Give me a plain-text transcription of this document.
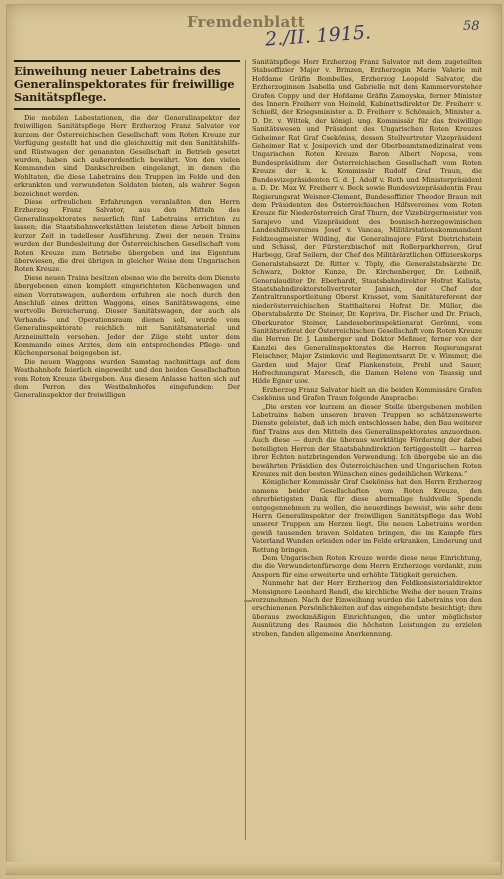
Fremdenblatt
2./II. 1915.	58
Einweihung neuer Labetrains des Generalinspektorates für freiwillige Sanitätspflege.

Die mobilen Labestationen, die der Generalinspektor der freiwilligen Sanitätspflege Herr Erzherzog Franz Salvator vor kurzem der Österreichischen Gesellschaft vom Roten Kreuze zur Verfügung gestellt hat und die gleichzeitig mit den Sanitätshilfs- und Rüstwagen der genannten Gesellschaft in Betrieb gesetzt wurden, haben sich außerordentlich bewährt. Von den vielen Kommanden sind Dankschreiben eingelangt, in denen die Wohltaten, die diese Labetrains den Truppen im Felde und den erkrankten und verwundeten Soldaten bieten, als wahrer Segen bezeichnet werden.

Diese erfreulichen Erfahrungen veranlaßten den Herrn Erzherzog Franz Salvator, aus den Mitteln des Generalinspektorates neuerlich fünf Labetrains errichten zu lassen; die Staatsbahnwerkstätten leisteten diese Arbeit binnen kurzer Zeit in tadelloser Ausführung. Zwei der neuen Trains wurden der Bundesleitung der Österreichischen Gesellschaft vom Roten Kreuze zum Betriebe übergeben und ins Eigentum überwiesen, die drei übrigen in gleicher Weise dem Ungarischen Roten Kreuze.

Diese neuen Trains besitzen ebenso wie die bereits dem Dienste übergebenen einen komplett eingerichteten Küchenwagen und einen Vorratswagen, außerdem erfuhren sie noch durch den Anschluß eines dritten Waggons, eines Sanitätswagens, eine wertvolle Bereicherung. Dieser Sanitätswagen, der auch als Verbands- und Operationsraum dienen soll, wurde vom Generalinspektorate reichlich mit Sanitätsmaterial und Arzneimitteln versehen. Jeder der Züge steht unter dem Kommando eines Arztes, dem ein entsprechendes Pflege- und Küchenpersonal beigegeben ist.

Die neuen Waggons wurden Samstag nachmittags auf dem Westbahnhofe feierlich eingeweiht und den beiden Gesellschaften vom Roten Kreuze übergeben. Aus diesem Anlasse hatten sich auf dem Perron des Westbahnhofes eingefunden: Der Generalinspektor der freiwilligen

Sanitätspflege Herr Erzherzog Franz Salvator mit dem zugeteilten Stabsoffizier Major v. Brinzen, Erzherzogin Marie Valerie mit Hofdame Gräfin Bombelles, Erzherzog Leopold Salvator, die Erzherzoginnen Isabella und Gabrielle mit dem Kammervorsteher Grafen Coppy und der Hofdame Gräfin Zamoyska, ferner Minister des Innern Freiherr von Heinold, Kabinettsdirektor Dr. Freiherr v. Schießl, der Kriegsminister a. D. Freiherr v. Schönaich, Minister a. D. Dr. v. Wittek, der königl. ung. Kommissär für das freiwillige Sanitätswesen und Präsident des Ungarischen Roten Kreuzes Geheimer Rat Graf Cseköniss, dessen Stellvertreter Vizepräsident Geheimer Rat v. Josipovich und der Oberbeamtsmedizinalrat vom Ungarischen Roten Kreuze Baron Albert Nopcsa, vom Bundespräsidium der Österreichischen Gesellschaft vom Roten Kreuze der k. k. Kommissär Rudolf Graf Traun, die Bundesvizepräsidenten G. d. J. Adolf v. Roth und Ministerpräsident a. D. Dr. Max W. Freiherr v. Beck sowie Bundesvizepräsidentin Frau Regierungsrat Weisner-Clement, Bundesoffizier Theodor Braun mit dem Präsidenten des Österreichischen Hilfsvereines vom Roten Kreuze für Niederösterreich Graf Thurn, der Vizebürgermeister von Sarajevo und Vizepräsident des bosnisch-herzegowinischen Landeshilfsvereines Josef v. Vancas, Militärstationskommandant Feldzeugmeister Wilding, die Generalmajore Fürst Dietrichstein und Schissl, der Fürsterzbischof mit Rollerparkherren, Graf Harbegg, Graf Seilern, der Chef des Militärärztlichen Offizierskorps Generalstabsarzt Dr. Ritter v. Töply, die Generalstabsärzte Dr. Schwarz, Doktor Kunze, Dr. Kirchenberger, Dr. Leibniß, Generalauditor Dr. Eberhardt, Staatsbahndirektor Hofrat Kalista, Staatsbahndirektorstellvertreter Janisch, der Chef der Zentraltransportleitung Oberst Krasset, vom Sanitätsreferent der niederösterreichischen Statthalterei Hofrat Dr. Müller, die Oberstabsärzte Dr. Steiner, Dr. Kopriva, Dr. Fischer und Dr. Frisch, Oberkurator Steiner, Landesoberinspektionsrat Gerönni, vom Sanitätsreferat der Österreichischen Gesellschaft vom Roten Kreuze die Herren Dr. J. Lamberger und Doktor Meßmer, ferner von der Kanzlei des Generalinspektorates die Herren Regierungsrat Fleischner, Major Zsimkovic und Regimentsarzt Dr. v. Wimmer, die Garden und Major Graf Plankenstein, Prebl und Sauer, Hofrechnungsrat Maresch, die Damen Helene von Taussig und Hilde Egner usw.

Erzherzog Franz Salvator hielt an die beiden Kommissäre Grafen Cseköniss und Grafen Traun folgende Ansprache:

„Die ersten vor kurzem an dieser Stelle übergebenen mobilen Labetrains haben unseren braven Truppen so schätzenswerte Dienste geleistet, daß ich mich entschlossen habe, den Bau weiterer fünf Trains aus den Mitteln des Generalinspektorates anzuordnen. Auch diese — durch die überaus werktätige Förderung der dabei beteiligten Herren der Staatsbahndirektion fertiggestellt — harren ihrer Echten nutzbringenden Verwendung. Ich übergebe sie an die bewährten Präsidien des Österreichischen und Ungarischen Roten Kreuzes mit den besten Wünschen eines gedeihlichen Wirkens.“

Königlicher Kommissär Graf Cseköniss hat den Herrn Erzherzog namens beider Gesellschaften vom Roten Kreuze, den ehrerbietigsten Dank für diese abermalige huldvolle Spende entgegennehmen zu wollen, die neuerdings beweist, wie sehr dem Herrn Generalinspektor der freiwilligen Sanitätspflege das Wohl unserer Truppen am Herzen liegt. Die neuen Labetrains werden gewiß tausenden braven Soldaten bringen, die im Kampfe fürs Vaterland Wunden erleiden oder im Felde erkranken, Linderung und Rettung bringen.

Dem Ungarischen Roten Kreuze werde diese neue Einrichtung, die die Verwundetenfürsorge dem Herrn Erzherzoge verdankt, zum Ansporn für eine erweiterte und erhöhte Tätigkeit gereichen.

Nunmehr hat der Herr Erzherzog den Feldkonsistorialdirektor Monsignore Leonhard Rendl, die kirchliche Weihe der neuen Trains vorzunehmen. Nach der Einweihung wurden die Labetrains von den erschienenen Persönlichkeiten auf das eingehendste besichtigt; ihre überaus zweckmäßigen Einrichtungen, die unter möglichster Ausnützung des Raumes die höchsten Leistungen zu erzielen streben, fanden allgemeine Anerkennung.
